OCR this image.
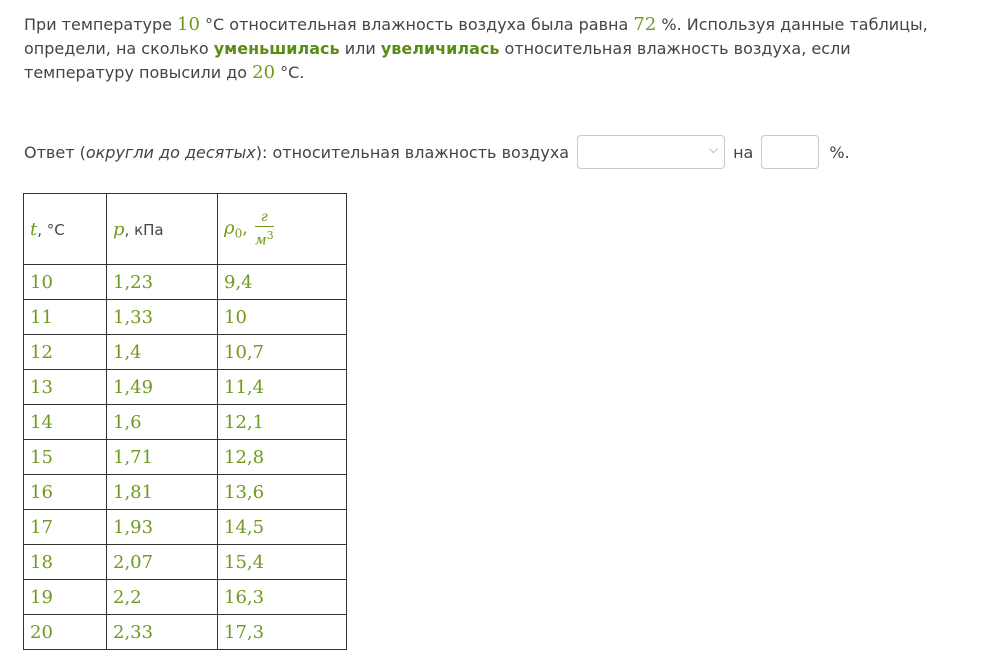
При температуре 10 °С относительная влажность воздуха была равна 72 %. Используя данные таблицы, определи, на сколько уменьшилась или увеличилась относительная влажность воздуха, если температуру повысили до 20 °С.
Ответ ( округли до десятых ): относительная влажность воздуха	⌵ на	%.
t, °С	p, кПа	$\rho_0$, $\frac{г}{м^3}$

10	1,23	9,4
11	1,33	10
12	1,4	10,7
13	1,49	11,4
14	1,6	12,1
15	1,71	12,8
16	1,81	13,6
17	1,93	14,5
18	2,07	15,4
19	2,2	16,3
20	2,33	17,3
